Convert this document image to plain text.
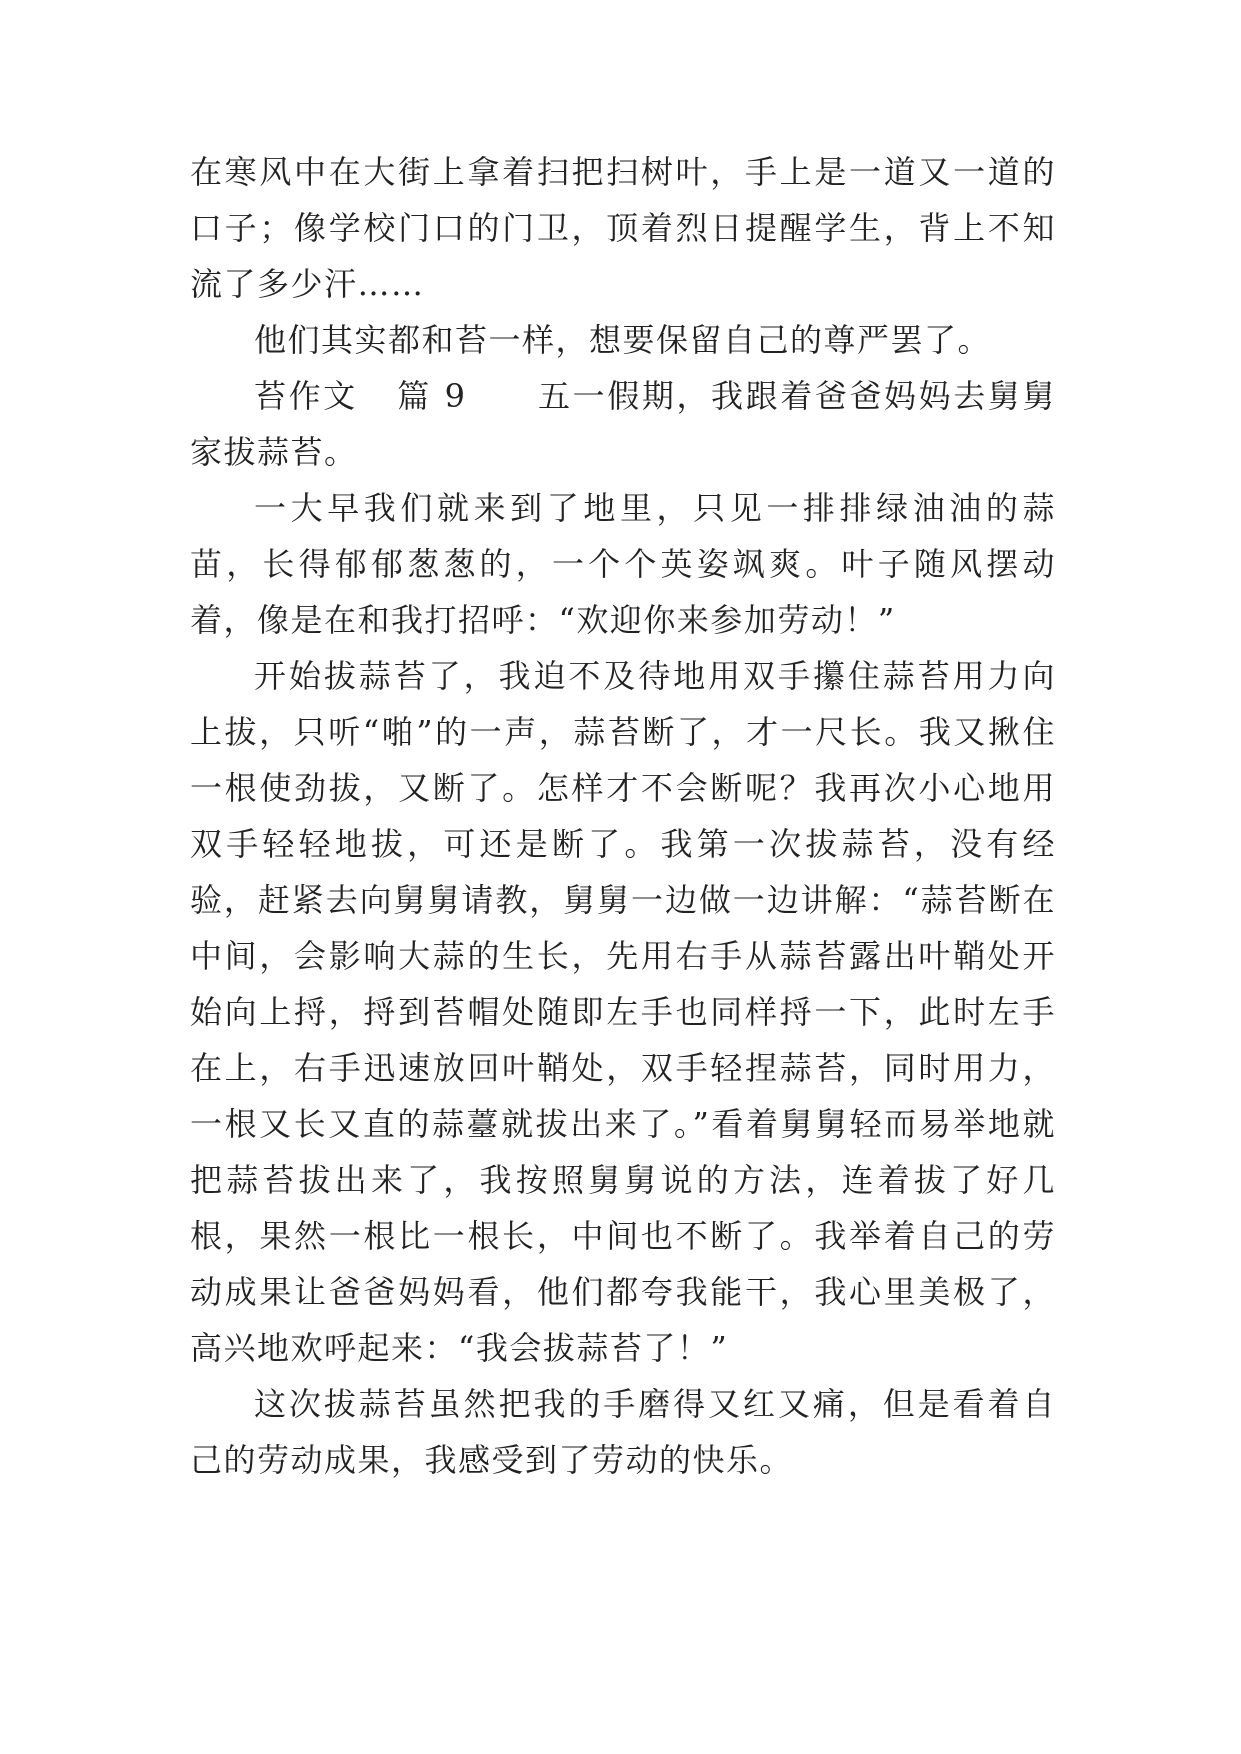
在寒风中在大街上拿着扫把扫树叶，手上是一道又一道的口子；像学校门口的门卫，顶着烈日提醒学生，背上不知流了多少汗……

他们其实都和苔一样，想要保留自己的尊严罢了。

苔作文 篇 9 五一假期，我跟着爸爸妈妈去舅舅家拔蒜苔。

一大早我们就来到了地里，只见一排排绿油油的蒜苗，长得郁郁葱葱的，一个个英姿飒爽。叶子随风摆动着，像是在和我打招呼：“欢迎你来参加劳动！”

开始拔蒜苔了，我迫不及待地用双手攥住蒜苔用力向上拔，只听“啪”的一声，蒜苔断了，才一尺长。我又揪住一根使劲拔，又断了。怎样才不会断呢？我再次小心地用双手轻轻地拔，可还是断了。我第一次拔蒜苔，没有经验，赶紧去向舅舅请教，舅舅一边做一边讲解：“蒜苔断在中间，会影响大蒜的生长，先用右手从蒜苔露出叶鞘处开始向上捋，捋到苔帽处随即左手也同样捋一下，此时左手在上，右手迅速放回叶鞘处，双手轻捏蒜苔，同时用力，一根又长又直的蒜薹就拔出来了。”看着舅舅轻而易举地就把蒜苔拔出来了，我按照舅舅说的方法，连着拔了好几根，果然一根比一根长，中间也不断了。我举着自己的劳动成果让爸爸妈妈看，他们都夸我能干，我心里美极了，高兴地欢呼起来：“我会拔蒜苔了！”

这次拔蒜苔虽然把我的手磨得又红又痛，但是看着自己的劳动成果，我感受到了劳动的快乐。
